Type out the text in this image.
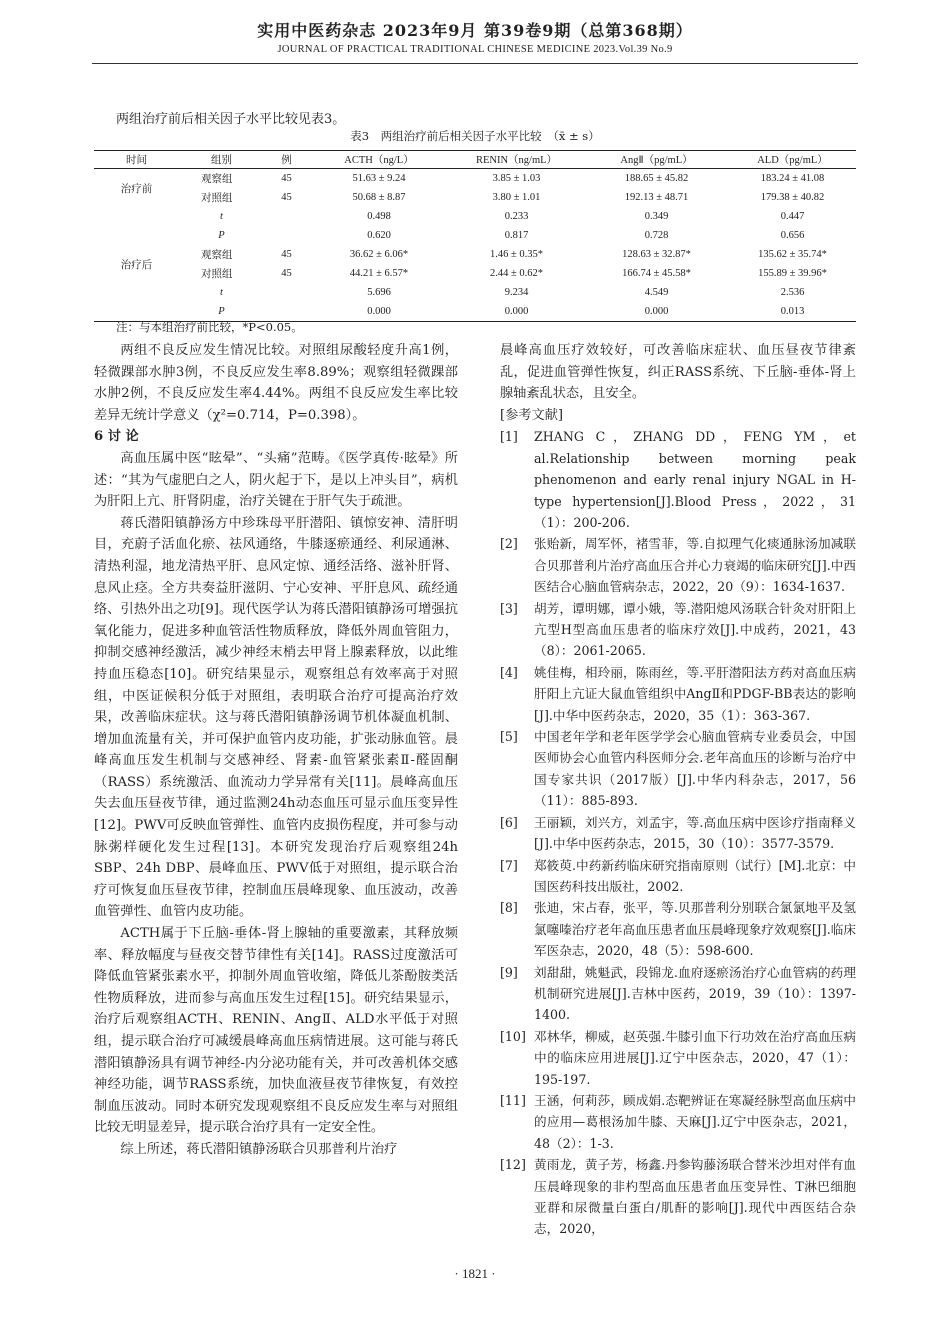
实用中医药杂志 2023年9月 第39卷9期（总第368期）
JOURNAL OF PRACTICAL TRADITIONAL CHINESE MEDICINE 2023.Vol.39 No.9
两组治疗前后相关因子水平比较见表3。
表3　两组治疗前后相关因子水平比较　（x̄ ± s）
时间	组别	例	ACTH（ng/L）	RENIN（ng/mL）	AngⅡ（pg/mL）	ALD（pg/mL）
治疗前	观察组	45	51.63 ± 9.24	3.85 ± 1.03	188.65 ± 45.82	183.24 ± 41.08
	对照组	45	50.68 ± 8.87	3.80 ± 1.01	192.13 ± 48.71	179.38 ± 40.82
	t		0.498	0.233	0.349	0.447
	P		0.620	0.817	0.728	0.656
治疗后	观察组	45	36.62 ± 6.06*	1.46 ± 0.35*	128.63 ± 32.87*	135.62 ± 35.74*
	对照组	45	44.21 ± 6.57*	2.44 ± 0.62*	166.74 ± 45.58*	155.89 ± 39.96*
	t		5.696	9.234	4.549	2.536
	P		0.000	0.000	0.000	0.013
注：与本组治疗前比较，*P<0.05。

两组不良反应发生情况比较。对照组尿酸轻度升高1例，轻微踝部水肿3例，不良反应发生率8.89%；观察组轻微踝部水肿2例，不良反应发生率4.44%。两组不良反应发生率比较差异无统计学意义（χ²=0.714，P=0.398）。

6 讨 论

高血压属中医“眩晕”、“头痛”范畴。《医学真传·眩晕》所述：“其为气虚肥白之人，阴火起于下，是以上冲头目”，病机为肝阳上亢、肝肾阴虚，治疗关键在于肝气失于疏泄。

蒋氏潜阳镇静汤方中珍珠母平肝潜阳、镇惊安神、清肝明目，充蔚子活血化瘀、祛风通络，牛膝逐瘀通经、利尿通淋、清热利湿，地龙清热平肝、息风定惊、通经活络、滋补肝肾、息风止痉。全方共奏益肝滋阴、宁心安神、平肝息风、疏经通络、引热外出之功[9]。现代医学认为蒋氏潜阳镇静汤可增强抗氧化能力，促进多种血管活性物质释放，降低外周血管阻力，抑制交感神经激活，减少神经末梢去甲肾上腺素释放，以此维持血压稳态[10]。研究结果显示，观察组总有效率高于对照组，中医证候积分低于对照组，表明联合治疗可提高治疗效果，改善临床症状。这与蒋氏潜阳镇静汤调节机体凝血机制、增加血流量有关，并可保护血管内皮功能，扩张动脉血管。晨峰高血压发生机制与交感神经、肾素-血管紧张素Ⅱ-醛固酮（RASS）系统激活、血流动力学异常有关[11]。晨峰高血压失去血压昼夜节律，通过监测24h动态血压可显示血压变异性[12]。PWV可反映血管弹性、血管内皮损伤程度，并可参与动脉粥样硬化发生过程[13]。本研究发现治疗后观察组24h SBP、24h DBP、晨峰血压、PWV低于对照组，提示联合治疗可恢复血压昼夜节律，控制血压晨峰现象、血压波动，改善血管弹性、血管内皮功能。

ACTH属于下丘脑-垂体-肾上腺轴的重要激素，其释放频率、释放幅度与昼夜交替节律性有关[14]。RASS过度激活可降低血管紧张素水平，抑制外周血管收缩，降低儿茶酚胺类活性物质释放，进而参与高血压发生过程[15]。研究结果显示，治疗后观察组ACTH、RENIN、AngⅡ、ALD水平低于对照组，提示联合治疗可减缓晨峰高血压病情进展。这可能与蒋氏潜阳镇静汤具有调节神经-内分泌功能有关，并可改善机体交感神经功能，调节RASS系统，加快血液昼夜节律恢复，有效控制血压波动。同时本研究发现观察组不良反应发生率与对照组比较无明显差异，提示联合治疗具有一定安全性。

综上所述，蒋氏潜阳镇静汤联合贝那普利片治疗

晨峰高血压疗效较好，可改善临床症状、血压昼夜节律紊乱，促进血管弹性恢复，纠正RASS系统、下丘脑-垂体-肾上腺轴紊乱状态，且安全。

[参考文献]

[1]	ZHANG C，ZHANG DD，FENG YM，et al.Relationship between morning peak phenomenon and early renal injury NGAL in H-type hypertension[J].Blood Press，2022，31（1）：200-206.
[2]	张贻新，周军怀，褚雪菲，等.自拟理气化痰通脉汤加减联合贝那普利片治疗高血压合并心力衰竭的临床研究[J].中西医结合心脑血管病杂志，2022，20（9）：1634-1637.
[3]	胡芳，谭明娜，谭小娥，等.潜阳熄风汤联合针灸对肝阳上亢型H型高血压患者的临床疗效[J].中成药，2021，43（8）：2061-2065.
[4]	姚佳梅，相玲丽，陈雨丝，等.平肝潜阳法方药对高血压病肝阳上亢证大鼠血管组织中AngⅡ和PDGF-BB表达的影响[J].中华中医药杂志，2020，35（1）：363-367.
[5]	中国老年学和老年医学学会心脑血管病专业委员会，中国医师协会心血管内科医师分会.老年高血压的诊断与治疗中国专家共识（2017版）[J].中华内科杂志，2017，56（11）：885-893.
[6]	王丽颖，刘兴方，刘孟宇，等.高血压病中医诊疗指南释义[J].中华中医药杂志，2015，30（10）：3577-3579.
[7]	郑筱萸.中药新药临床研究指南原则（试行）[M].北京：中国医药科技出版社，2002.
[8]	张迪，宋占春，张平，等.贝那普利分别联合氯氯地平及氢氯噻嗪治疗老年高血压患者血压晨峰现象疗效观察[J].临床军医杂志，2020，48（5）：598-600.
[9]	刘甜甜，姚魁武，段锦龙.血府逐瘀汤治疗心血管病的药理机制研究进展[J].吉林中医药，2019，39（10）：1397-1400.
[10] 邓林华，柳威，赵英强.牛膝引血下行功效在治疗高血压病中的临床应用进展[J].辽宁中医杂志，2020，47（1）：195-197.
[11] 王涵，何莉莎，顾成娟.态靶辨证在寒凝经脉型高血压病中的应用—葛根汤加牛膝、天麻[J].辽宁中医杂志，2021，48（2）：1-3.
[12] 黄雨龙，黄子芳，杨鑫.丹参钩藤汤联合替米沙坦对伴有血压晨峰现象的非杓型高血压患者血压变异性、T淋巴细胞亚群和尿微量白蛋白/肌酐的影响[J].现代中西医结合杂志，2020，
· 1821 ·
